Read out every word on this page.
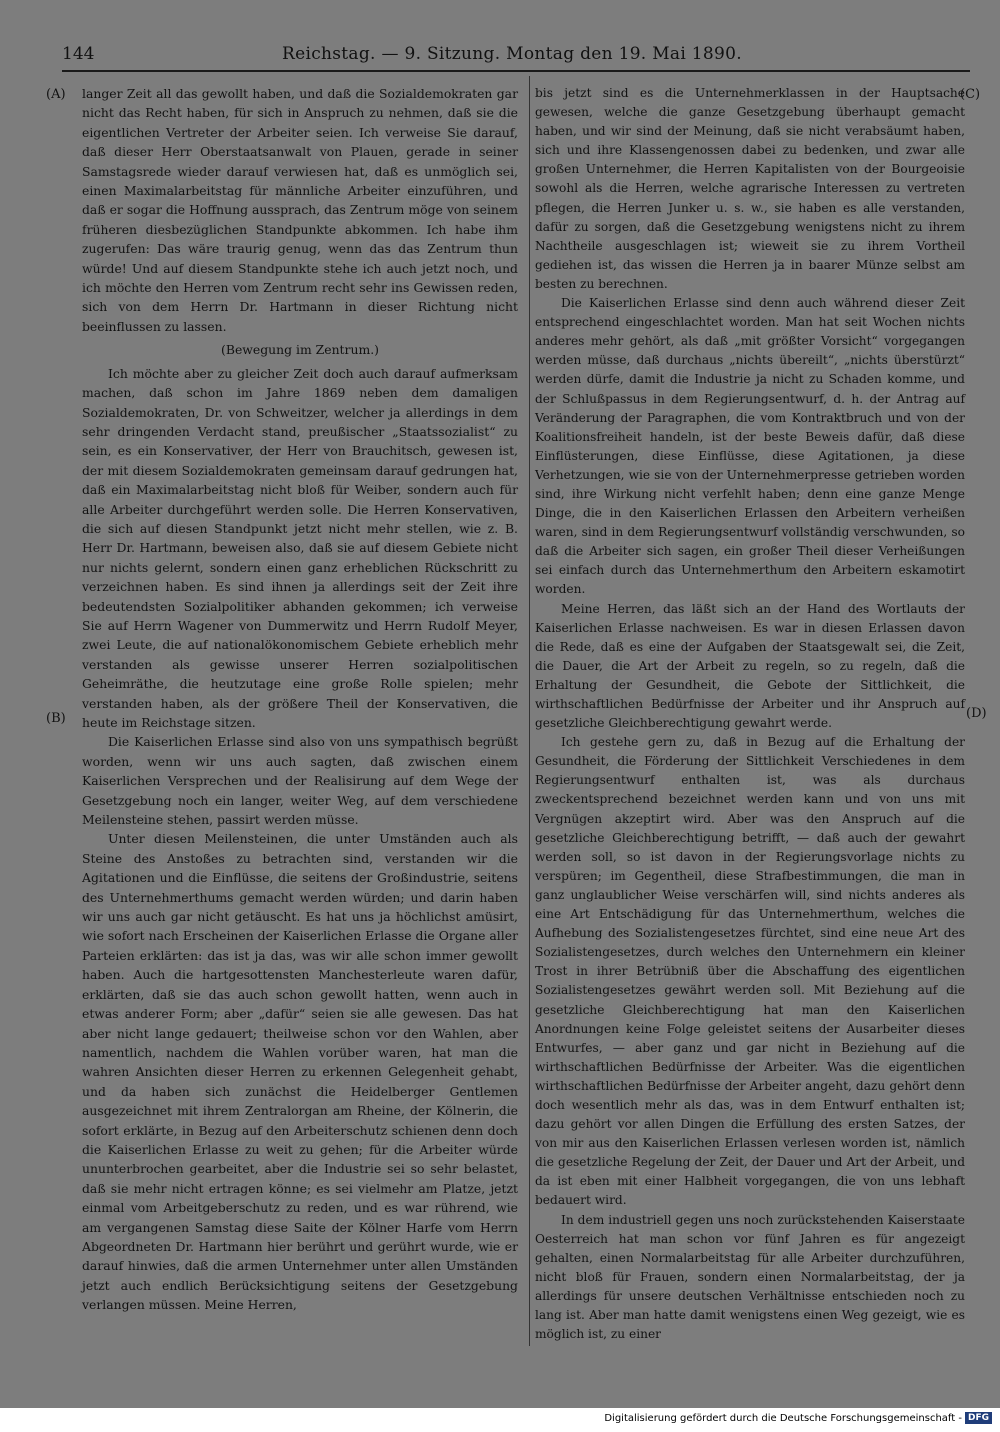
144	Reichstag. — 9. Sitzung. Montag den 19. Mai 1890.
(A)
(B)
(C)
(D)

langer Zeit all das gewollt haben, und daß die Sozialdemokraten gar nicht das Recht haben, für sich in Anspruch zu nehmen, daß sie die eigentlichen Vertreter der Arbeiter seien. Ich verweise Sie darauf, daß dieser Herr Oberstaatsanwalt von Plauen, gerade in seiner Samstagsrede wieder darauf verwiesen hat, daß es unmöglich sei, einen Maximalarbeitstag für männliche Arbeiter einzuführen, und daß er sogar die Hoffnung aussprach, das Zentrum möge von seinem früheren diesbezüglichen Standpunkte abkommen. Ich habe ihm zugerufen: Das wäre traurig genug, wenn das das Zentrum thun würde! Und auf diesem Standpunkte stehe ich auch jetzt noch, und ich möchte den Herren vom Zentrum recht sehr ins Gewissen reden, sich von dem Herrn Dr. Hartmann in dieser Richtung nicht beeinflussen zu lassen.

(Bewegung im Zentrum.)

Ich möchte aber zu gleicher Zeit doch auch darauf aufmerksam machen, daß schon im Jahre 1869 neben dem damaligen Sozialdemokraten, Dr. von Schweitzer, welcher ja allerdings in dem sehr dringenden Verdacht stand, preußischer „Staatssozialist“ zu sein, es ein Konservativer, der Herr von Brauchitsch, gewesen ist, der mit diesem Sozialdemokraten gemeinsam darauf gedrungen hat, daß ein Maximalarbeitstag nicht bloß für Weiber, sondern auch für alle Arbeiter durchgeführt werden solle. Die Herren Konservativen, die sich auf diesen Standpunkt jetzt nicht mehr stellen, wie z. B. Herr Dr. Hartmann, beweisen also, daß sie auf diesem Gebiete nicht nur nichts gelernt, sondern einen ganz erheblichen Rückschritt zu verzeichnen haben. Es sind ihnen ja allerdings seit der Zeit ihre bedeutendsten Sozialpolitiker abhanden gekommen; ich verweise Sie auf Herrn Wagener von Dummerwitz und Herrn Rudolf Meyer, zwei Leute, die auf nationalökonomischem Gebiete erheblich mehr verstanden als gewisse unserer Herren sozialpolitischen Geheimräthe, die heutzutage eine große Rolle spielen; mehr verstanden haben, als der größere Theil der Konservativen, die heute im Reichstage sitzen.

Die Kaiserlichen Erlasse sind also von uns sympathisch begrüßt worden, wenn wir uns auch sagten, daß zwischen einem Kaiserlichen Versprechen und der Realisirung auf dem Wege der Gesetzgebung noch ein langer, weiter Weg, auf dem verschiedene Meilensteine stehen, passirt werden müsse.

Unter diesen Meilensteinen, die unter Umständen auch als Steine des Anstoßes zu betrachten sind, verstanden wir die Agitationen und die Einflüsse, die seitens der Großindustrie, seitens des Unternehmerthums gemacht werden würden; und darin haben wir uns auch gar nicht getäuscht. Es hat uns ja höchlichst amüsirt, wie sofort nach Erscheinen der Kaiserlichen Erlasse die Organe aller Parteien erklärten: das ist ja das, was wir alle schon immer gewollt haben. Auch die hartgesottensten Manchesterleute waren dafür, erklärten, daß sie das auch schon gewollt hatten, wenn auch in etwas anderer Form; aber „dafür“ seien sie alle gewesen. Das hat aber nicht lange gedauert; theilweise schon vor den Wahlen, aber namentlich, nachdem die Wahlen vorüber waren, hat man die wahren Ansichten dieser Herren zu erkennen Gelegenheit gehabt, und da haben sich zunächst die Heidelberger Gentlemen ausgezeichnet mit ihrem Zentralorgan am Rheine, der Kölnerin, die sofort erklärte, in Bezug auf den Arbeiterschutz schienen denn doch die Kaiserlichen Erlasse zu weit zu gehen; für die Arbeiter würde ununterbrochen gearbeitet, aber die Industrie sei so sehr belastet, daß sie mehr nicht ertragen könne; es sei vielmehr am Platze, jetzt einmal vom Arbeitgeberschutz zu reden, und es war rührend, wie am vergangenen Samstag diese Saite der Kölner Harfe vom Herrn Abgeordneten Dr. Hartmann hier berührt und gerührt wurde, wie er darauf hinwies, daß die armen Unternehmer unter allen Umständen jetzt auch endlich Berücksichtigung seitens der Gesetzgebung verlangen müssen. Meine Herren,

bis jetzt sind es die Unternehmerklassen in der Hauptsache gewesen, welche die ganze Gesetzgebung überhaupt gemacht haben, und wir sind der Meinung, daß sie nicht verabsäumt haben, sich und ihre Klassengenossen dabei zu bedenken, und zwar alle großen Unternehmer, die Herren Kapitalisten von der Bourgeoisie sowohl als die Herren, welche agrarische Interessen zu vertreten pflegen, die Herren Junker u. s. w., sie haben es alle verstanden, dafür zu sorgen, daß die Gesetzgebung wenigstens nicht zu ihrem Nachtheile ausgeschlagen ist; wieweit sie zu ihrem Vortheil gediehen ist, das wissen die Herren ja in baarer Münze selbst am besten zu berechnen.

Die Kaiserlichen Erlasse sind denn auch während dieser Zeit entsprechend eingeschlachtet worden. Man hat seit Wochen nichts anderes mehr gehört, als daß „mit größter Vorsicht“ vorgegangen werden müsse, daß durchaus „nichts übereilt“, „nichts überstürzt“ werden dürfe, damit die Industrie ja nicht zu Schaden komme, und der Schlußpassus in dem Regierungsentwurf, d. h. der Antrag auf Veränderung der Paragraphen, die vom Kontraktbruch und von der Koalitionsfreiheit handeln, ist der beste Beweis dafür, daß diese Einflüsterungen, diese Einflüsse, diese Agitationen, ja diese Verhetzungen, wie sie von der Unternehmerpresse getrieben worden sind, ihre Wirkung nicht verfehlt haben; denn eine ganze Menge Dinge, die in den Kaiserlichen Erlassen den Arbeitern verheißen waren, sind in dem Regierungsentwurf vollständig verschwunden, so daß die Arbeiter sich sagen, ein großer Theil dieser Verheißungen sei einfach durch das Unternehmerthum den Arbeitern eskamotirt worden.

Meine Herren, das läßt sich an der Hand des Wortlauts der Kaiserlichen Erlasse nachweisen. Es war in diesen Erlassen davon die Rede, daß es eine der Aufgaben der Staatsgewalt sei, die Zeit, die Dauer, die Art der Arbeit zu regeln, so zu regeln, daß die Erhaltung der Gesundheit, die Gebote der Sittlichkeit, die wirthschaftlichen Bedürfnisse der Arbeiter und ihr Anspruch auf gesetzliche Gleichberechtigung gewahrt werde.

Ich gestehe gern zu, daß in Bezug auf die Erhaltung der Gesundheit, die Förderung der Sittlichkeit Verschiedenes in dem Regierungsentwurf enthalten ist, was als durchaus zweckentsprechend bezeichnet werden kann und von uns mit Vergnügen akzeptirt wird. Aber was den Anspruch auf die gesetzliche Gleichberechtigung betrifft, — daß auch der gewahrt werden soll, so ist davon in der Regierungsvorlage nichts zu verspüren; im Gegentheil, diese Strafbestimmungen, die man in ganz unglaublicher Weise verschärfen will, sind nichts anderes als eine Art Entschädigung für das Unternehmerthum, welches die Aufhebung des Sozialistengesetzes fürchtet, sind eine neue Art des Sozialistengesetzes, durch welches den Unternehmern ein kleiner Trost in ihrer Betrübniß über die Abschaffung des eigentlichen Sozialistengesetzes gewährt werden soll. Mit Beziehung auf die gesetzliche Gleichberechtigung hat man den Kaiserlichen Anordnungen keine Folge geleistet seitens der Ausarbeiter dieses Entwurfes, — aber ganz und gar nicht in Beziehung auf die wirthschaftlichen Bedürfnisse der Arbeiter. Was die eigentlichen wirthschaftlichen Bedürfnisse der Arbeiter angeht, dazu gehört denn doch wesentlich mehr als das, was in dem Entwurf enthalten ist; dazu gehört vor allen Dingen die Erfüllung des ersten Satzes, der von mir aus den Kaiserlichen Erlassen verlesen worden ist, nämlich die gesetzliche Regelung der Zeit, der Dauer und Art der Arbeit, und da ist eben mit einer Halbheit vorgegangen, die von uns lebhaft bedauert wird.

In dem industriell gegen uns noch zurückstehenden Kaiserstaate Oesterreich hat man schon vor fünf Jahren es für angezeigt gehalten, einen Normalarbeitstag für alle Arbeiter durchzuführen, nicht bloß für Frauen, sondern einen Normalarbeitstag, der ja allerdings für unsere deutschen Verhältnisse entschieden noch zu lang ist. Aber man hatte damit wenigstens einen Weg gezeigt, wie es möglich ist, zu einer

Digitalisierung gefördert durch die Deutsche Forschungsgemeinschaft - DFG
